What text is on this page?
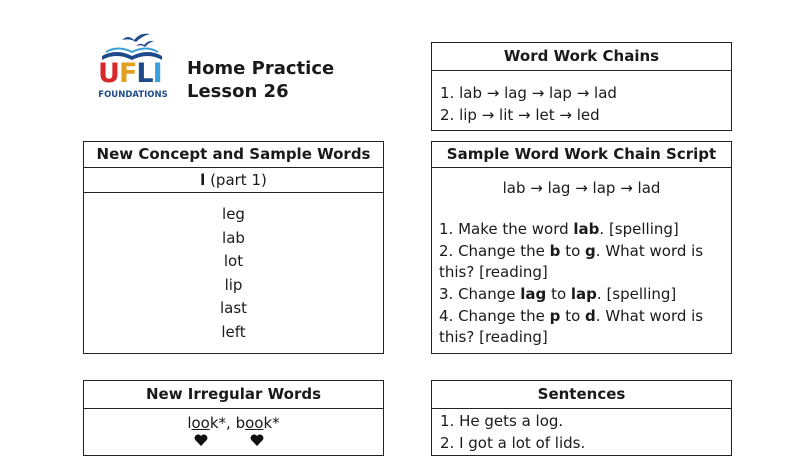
UFLI
FOUNDATIONS
Home Practice
Lesson 26
New Concept and Sample Words
l (part 1)
leg
lab
lot
lip
last
left
New Irregular Words
look*, book*
Word Work Chains
1. lab → lag → lap → lad
2. lip → lit → let → led
Sample Word Work Chain Script
lab → lag → lap → lad
1. Make the word lab. [spelling]
2. Change the b to g. What word is
this? [reading]
3. Change lag to lap. [spelling]
4. Change the p to d. What word is
this? [reading]
Sentences
1. He gets a log.
2. I got a lot of lids.
